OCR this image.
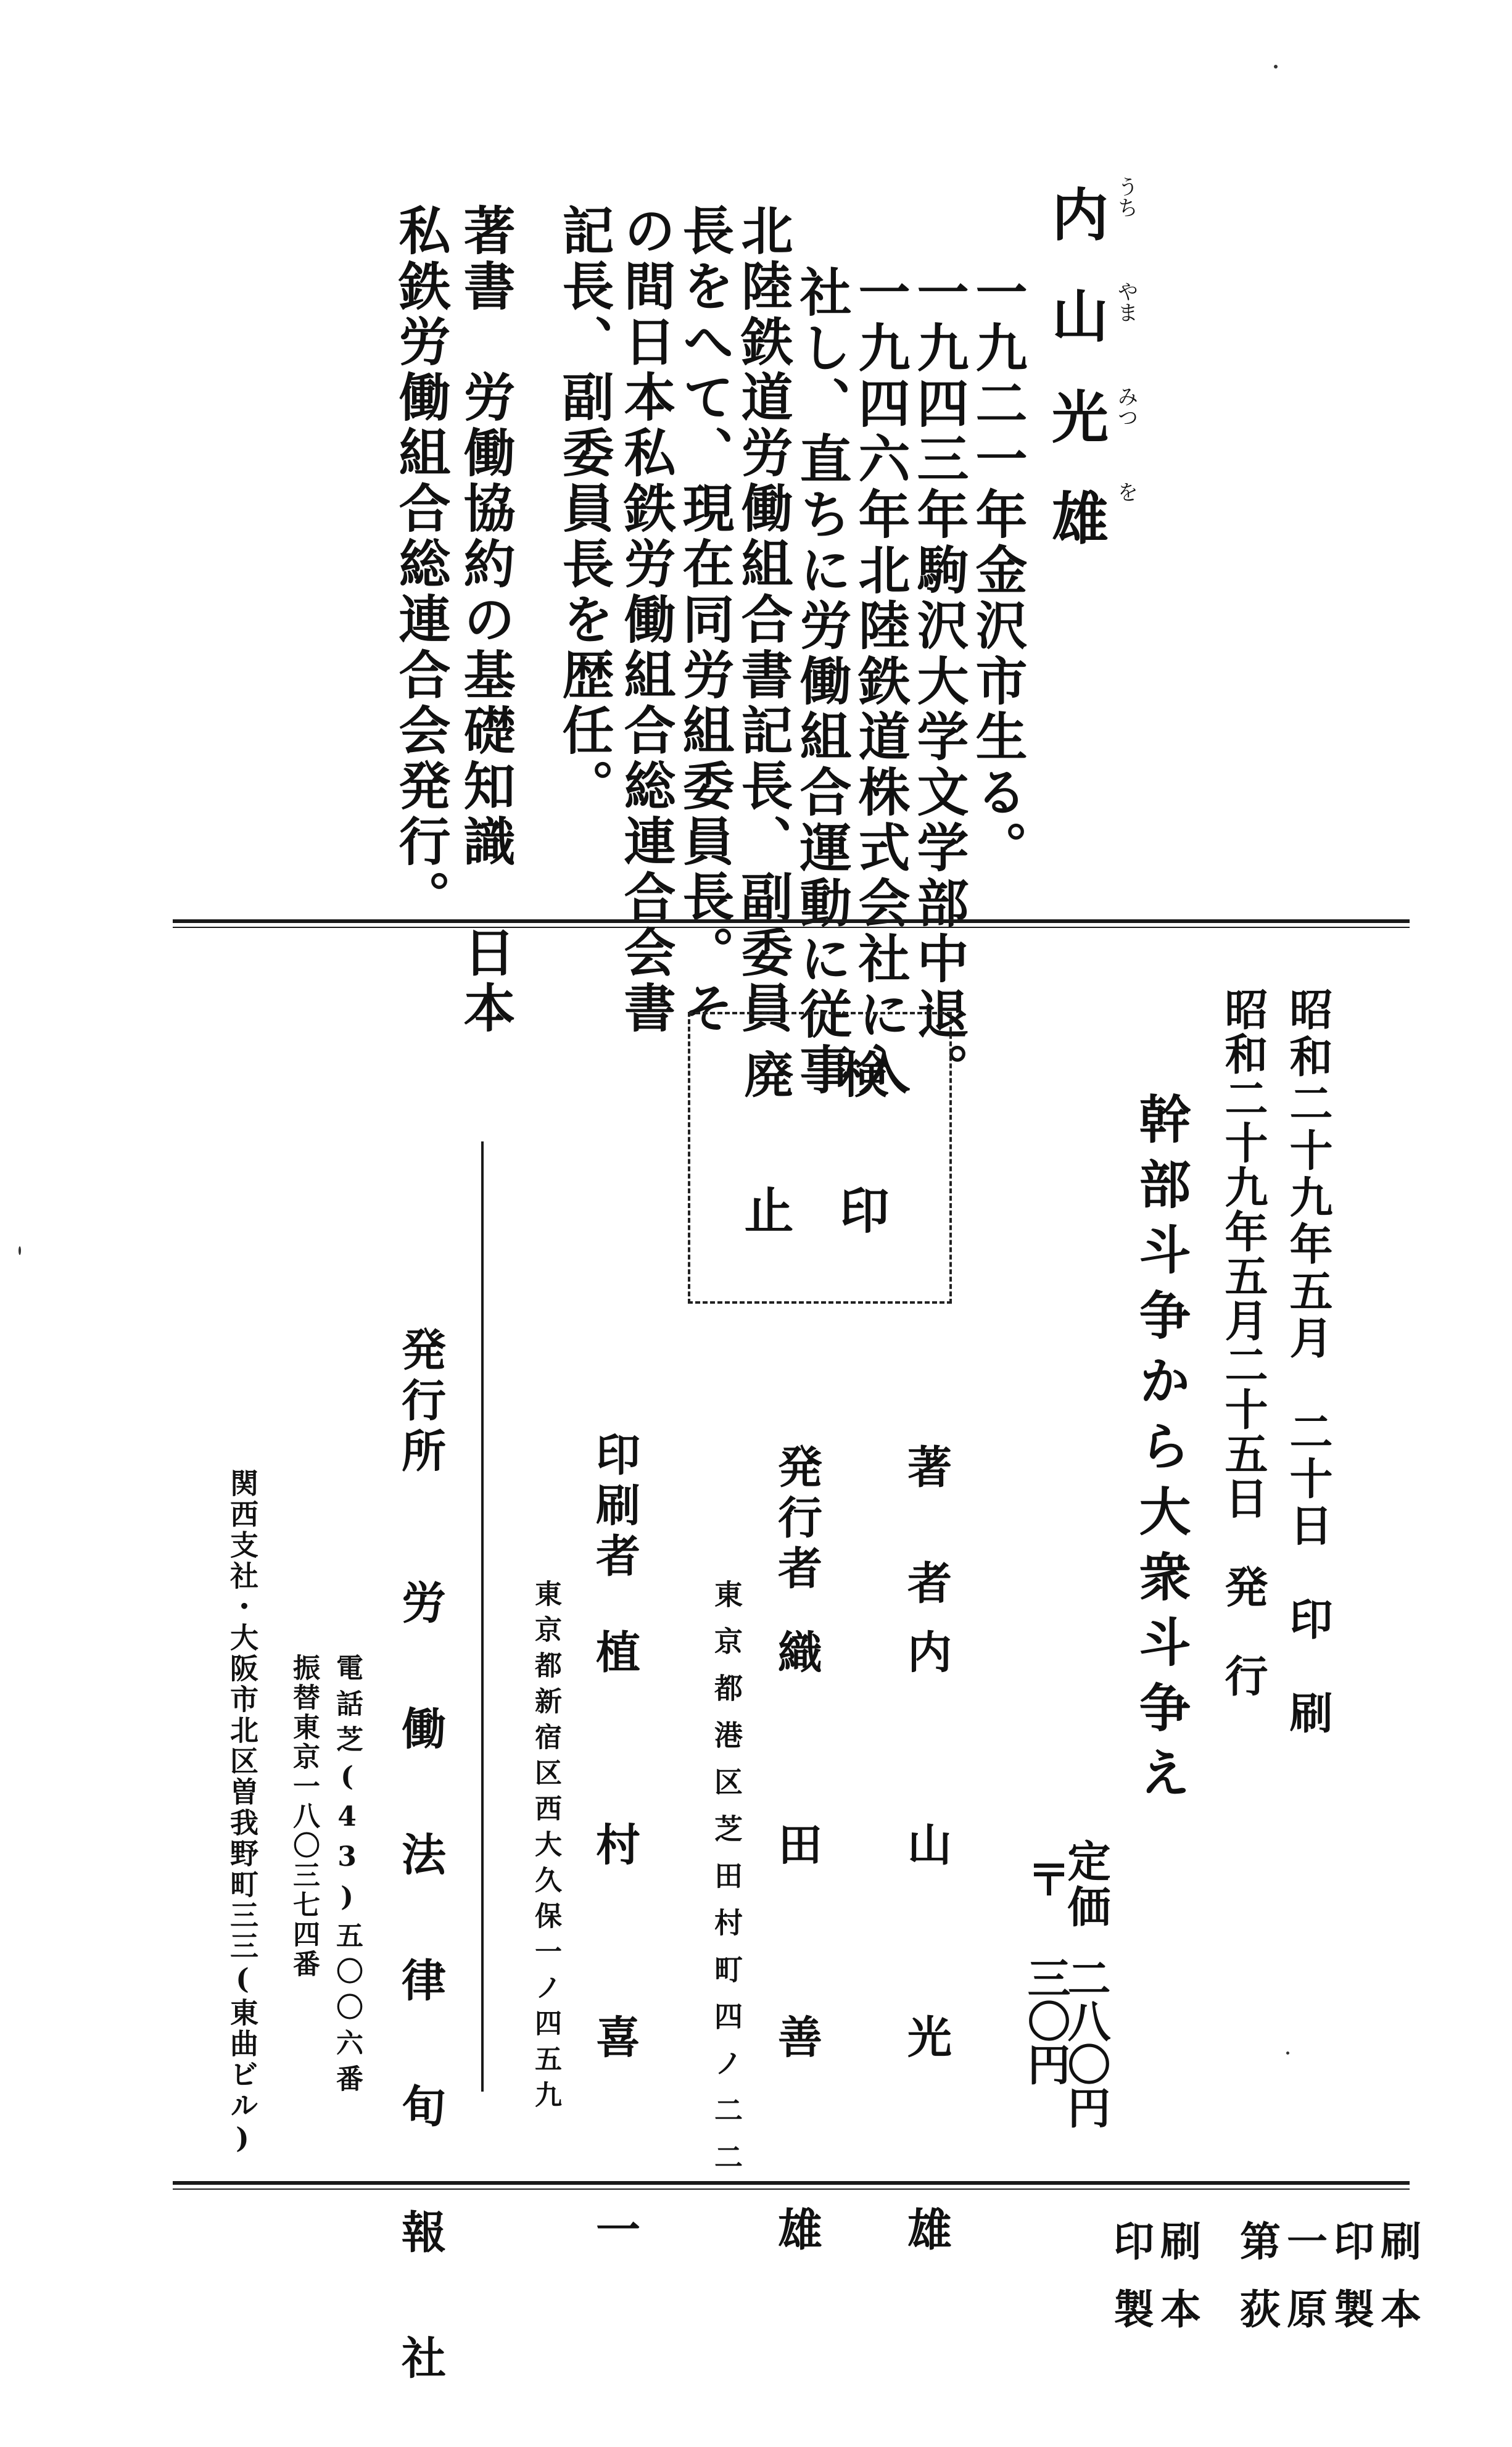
内山光雄 うち
やま
みつ
を
一九二一年金沢市生る。
一九四三年駒沢大学文学部中退。
一九四六年北陸鉄道株式会社に入
社し、直ちに労働組合運動に従事
北陸鉄道労働組合書記長、副委員
長をへて、現在同労組委員長。そ
の間日本私鉄労働組合総連合会書
記長、副委員長を歴任。
著書　労働協約の基礎知識　日本
私鉄労働組合総連合会発行。
昭和二十九年五月　二十日　印　刷
昭和二十九年五月二十五日　発　行
幹部斗争から大衆斗争え
定価
〒
二八〇円
三〇円
検印
廃止
著　者
内　山　光　雄
発行者
織　田　善　雄
東京都港区芝田村町四ノ二二
印刷者
植　村　喜　一
東京都新宿区西大久保一ノ四五九
発行所
労　働　法　律　旬　報　社
電話芝(43)五〇〇六番
振替東京一八〇三七四番
関西支社・大阪市北区曽我野町三三(東曲ビル)
印刷 第一印刷
製本 荻原製本
